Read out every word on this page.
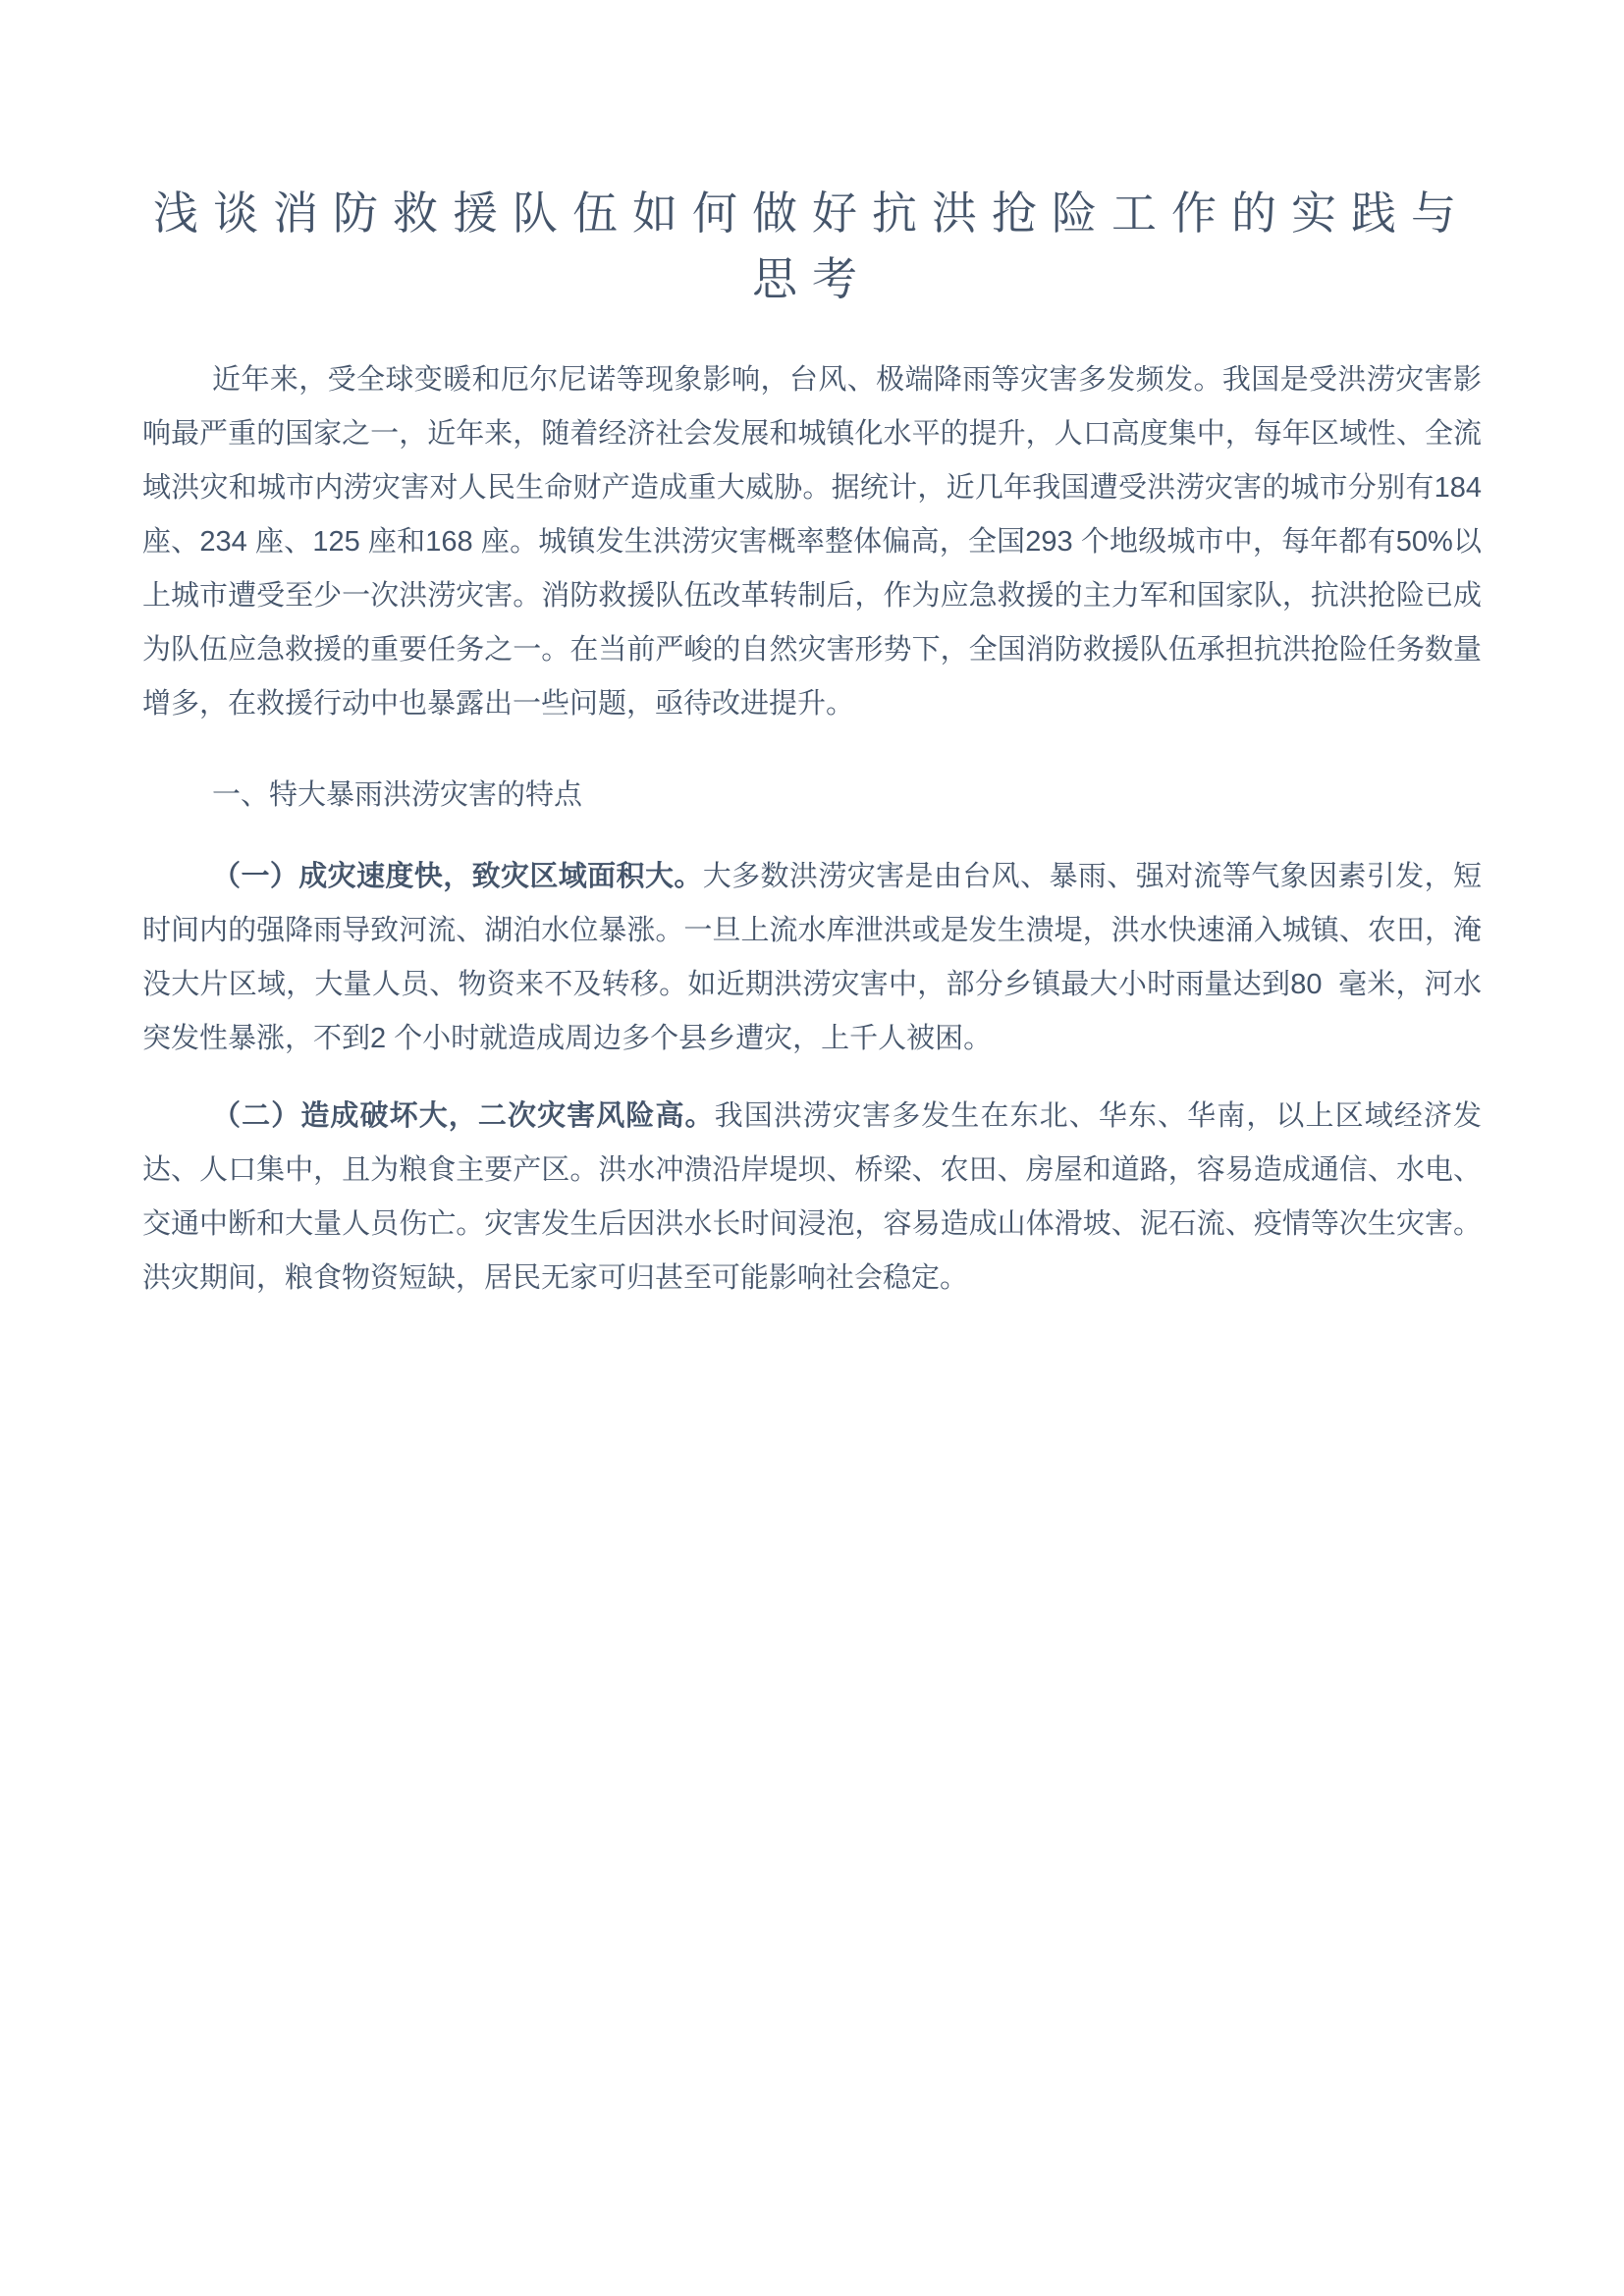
浅谈消防救援队伍如何做好抗洪抢险工作的实践与思考

近年来，受全球变暖和厄尔尼诺等现象影响，台风、极端降雨等灾害多发频发。我国是受洪涝灾害影响最严重的国家之一，近年来，随着经济社会发展和城镇化水平的提升，人口高度集中，每年区域性、全流域洪灾和城市内涝灾害对人民生命财产造成重大威胁。据统计，近几年我国遭受洪涝灾害的城市分别有184 座、234 座、125 座和168 座。城镇发生洪涝灾害概率整体偏高，全国293 个地级城市中，每年都有50%以上城市遭受至少一次洪涝灾害。消防救援队伍改革转制后，作为应急救援的主力军和国家队，抗洪抢险已成为队伍应急救援的重要任务之一。在当前严峻的自然灾害形势下，全国消防救援队伍承担抗洪抢险任务数量增多，在救援行动中也暴露出一些问题，亟待改进提升。

一、特大暴雨洪涝灾害的特点

（一）成灾速度快，致灾区域面积大。大多数洪涝灾害是由台风、暴雨、强对流等气象因素引发，短时间内的强降雨导致河流、湖泊水位暴涨。一旦上流水库泄洪或是发生溃堤，洪水快速涌入城镇、农田，淹没大片区域，大量人员、物资来不及转移。如近期洪涝灾害中，部分乡镇最大小时雨量达到80  毫米，河水突发性暴涨，不到2 个小时就造成周边多个县乡遭灾，上千人被困。

（二）造成破坏大，二次灾害风险高。我国洪涝灾害多发生在东北、华东、华南，以上区域经济发达、人口集中，且为粮食主要产区。洪水冲溃沿岸堤坝、桥梁、农田、房屋和道路，容易造成通信、水电、交通中断和大量人员伤亡。灾害发生后因洪水长时间浸泡，容易造成山体滑坡、泥石流、疫情等次生灾害。洪灾期间，粮食物资短缺，居民无家可归甚至可能影响社会稳定。
